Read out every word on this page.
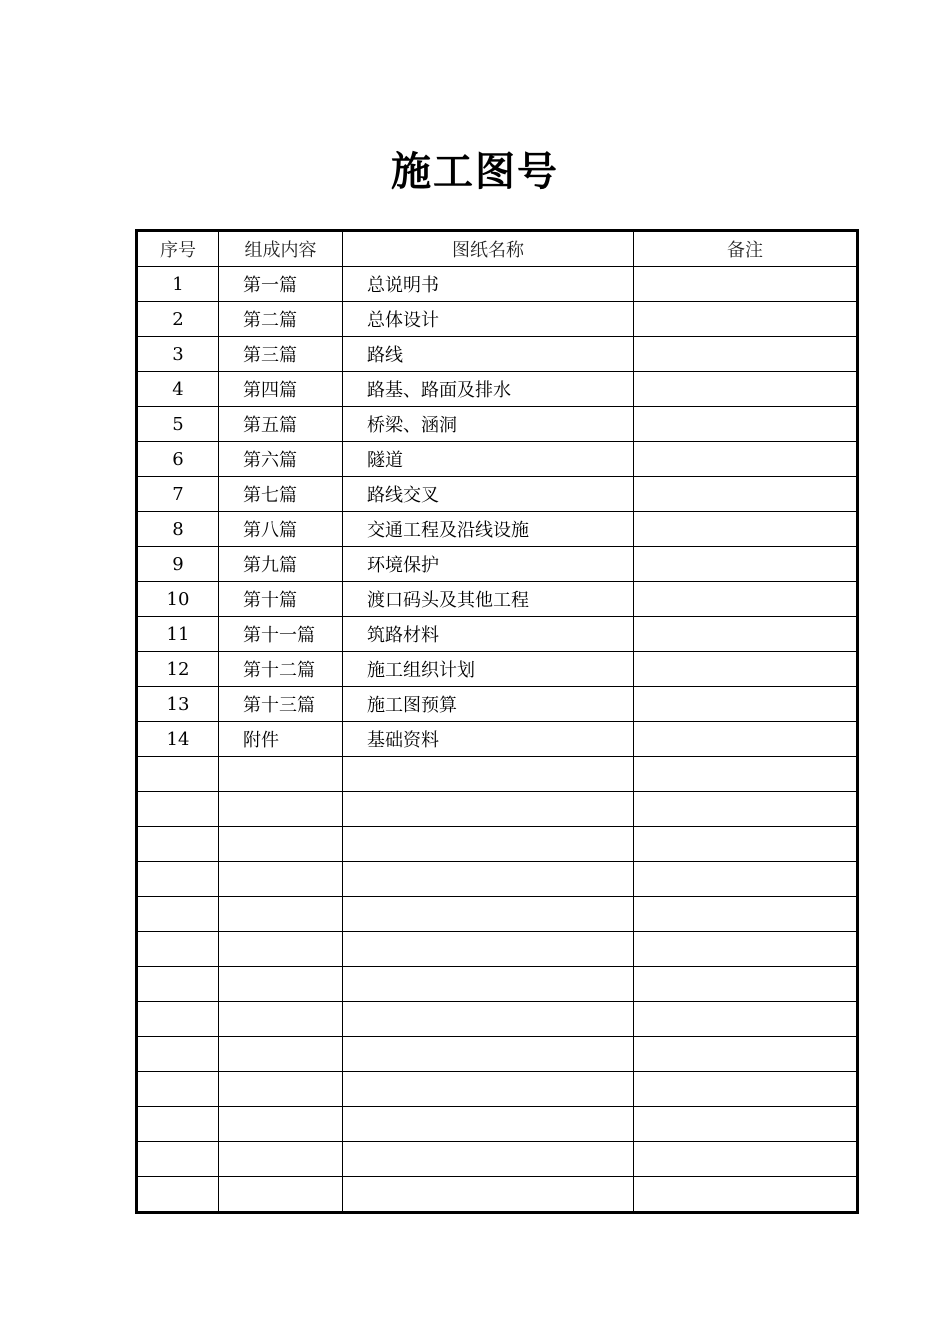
施工图号
序号	组成内容	图纸名称	备注
1	第一篇	总说明书	
2	第二篇	总体设计	
3	第三篇	路线	
4	第四篇	路基、路面及排水	
5	第五篇	桥梁、涵洞	
6	第六篇	隧道	
7	第七篇	路线交叉	
8	第八篇	交通工程及沿线设施	
9	第九篇	环境保护	
10	第十篇	渡口码头及其他工程	
11	第十一篇	筑路材料	
12	第十二篇	施工组织计划	
13	第十三篇	施工图预算	
14	附件	基础资料	
